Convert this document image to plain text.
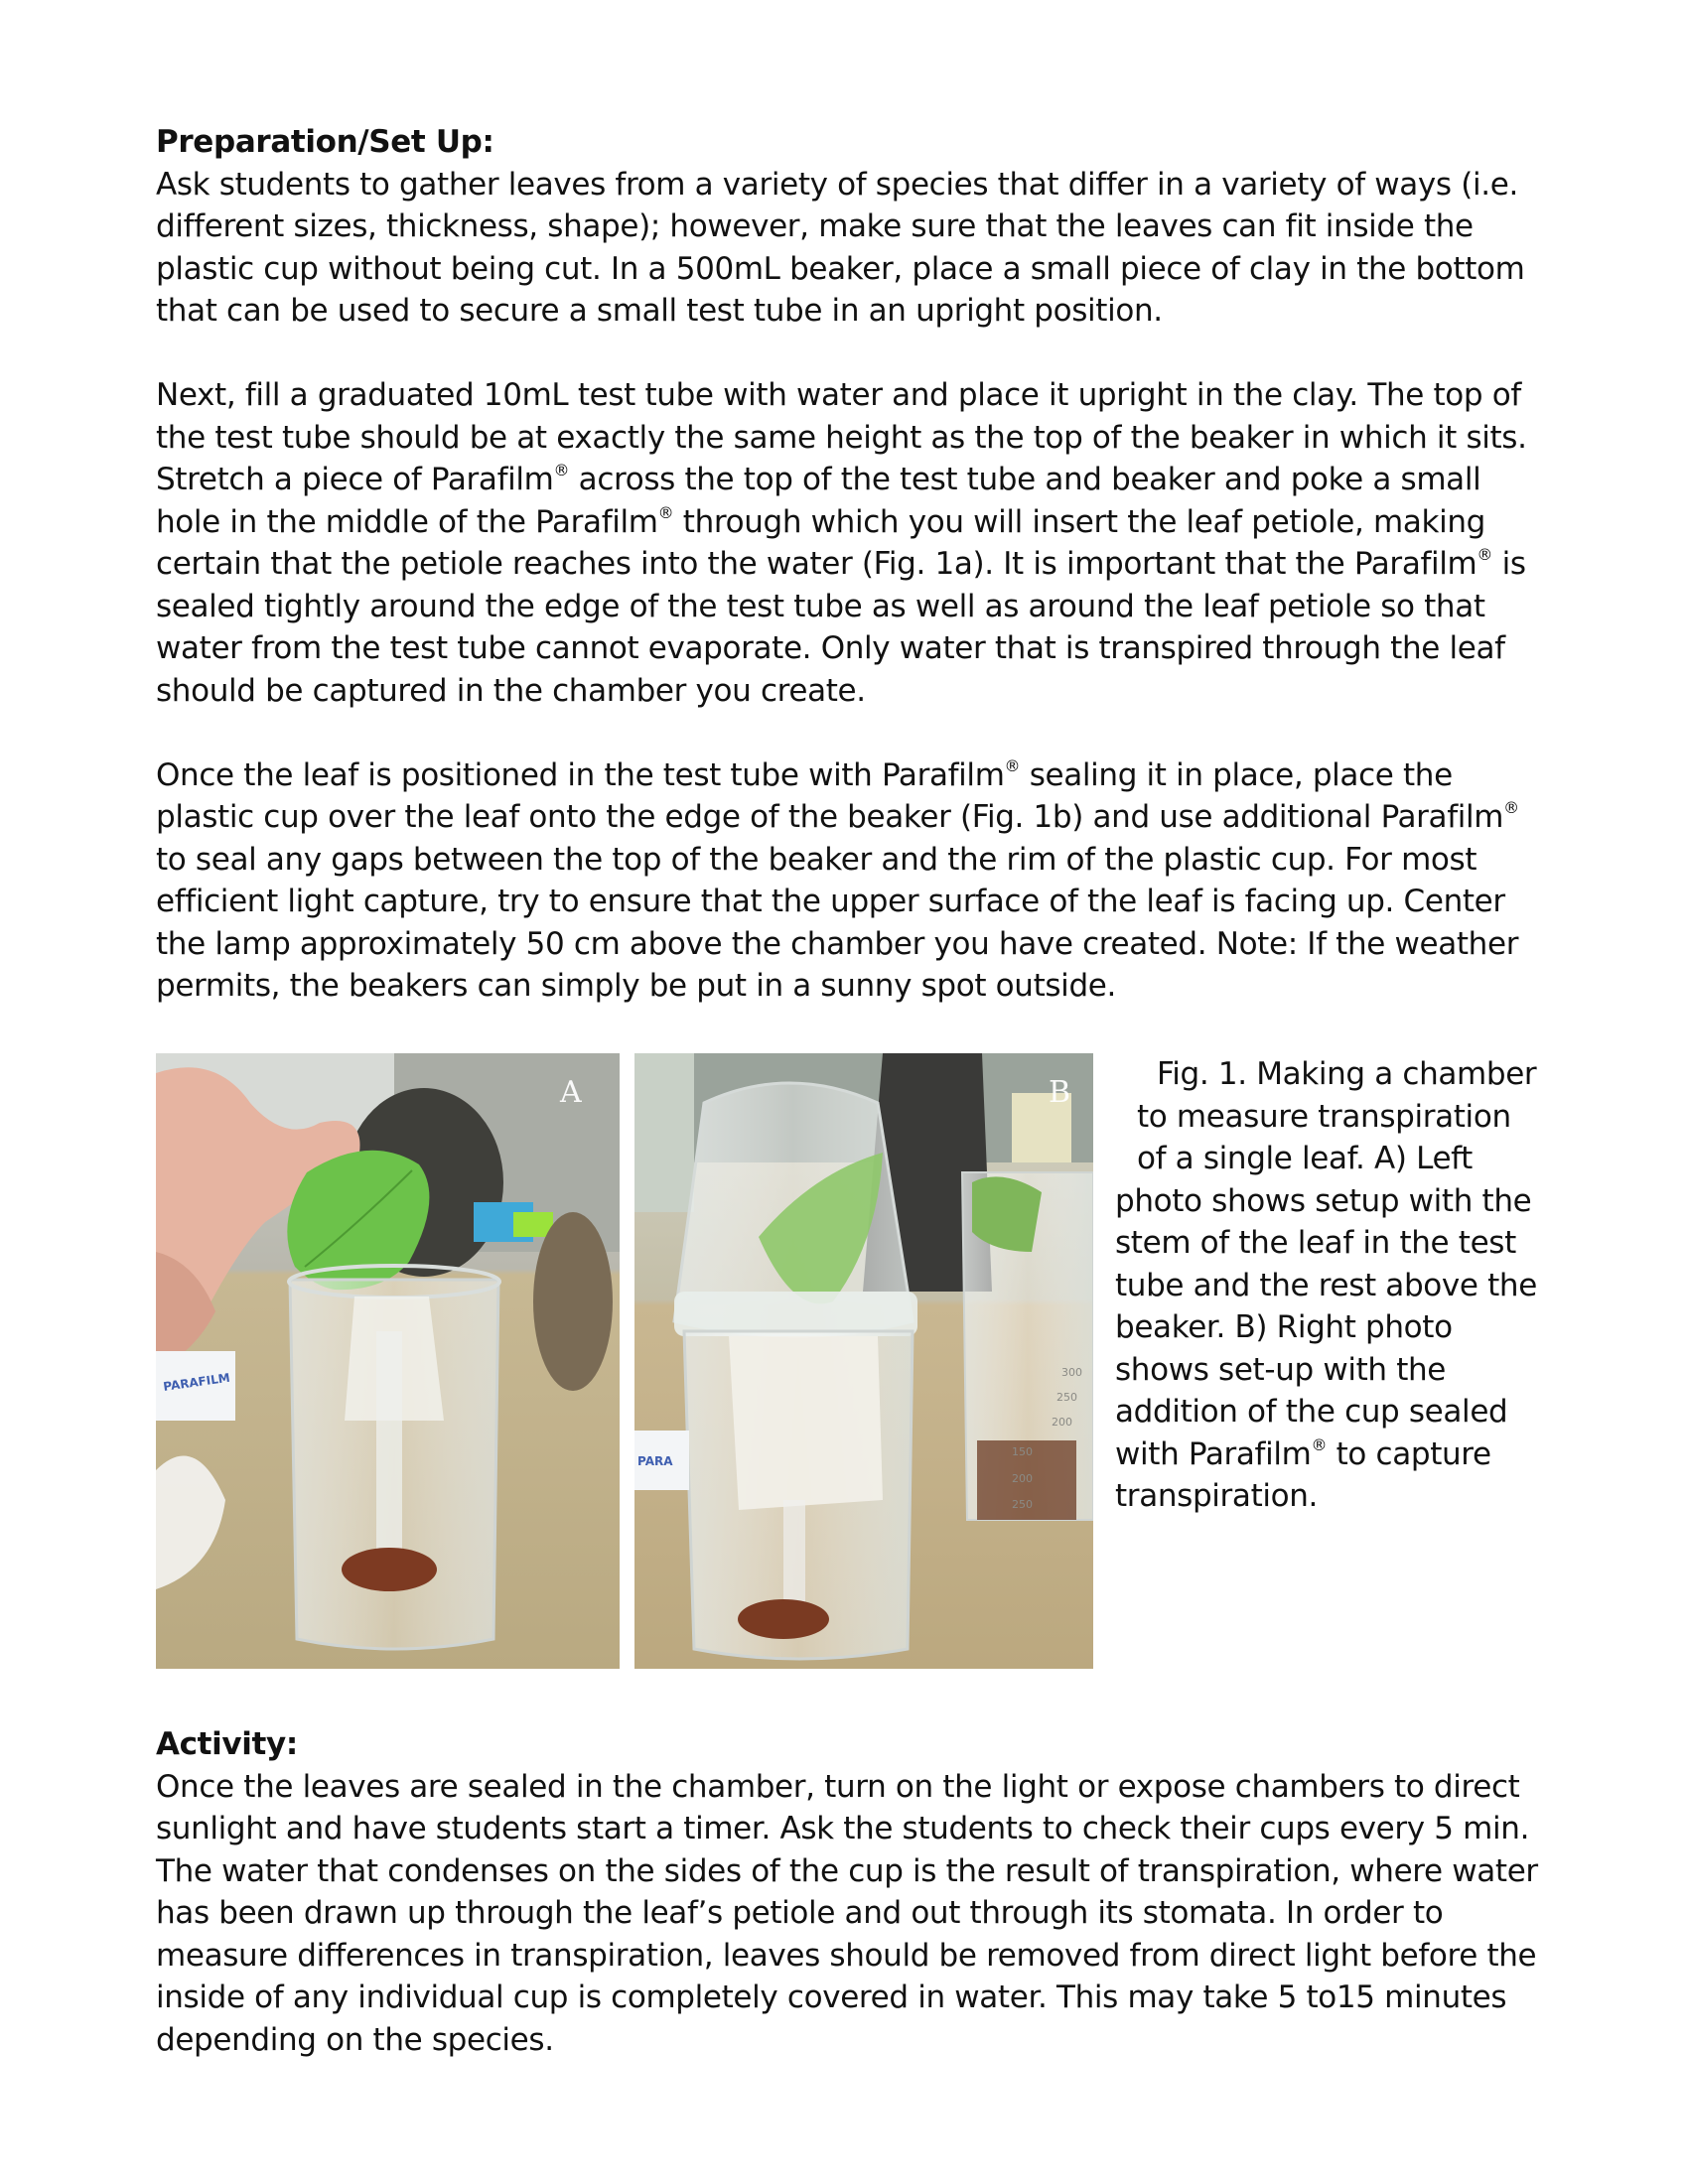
Preparation/Set Up:

Ask students to gather leaves from a variety of species that differ in a variety of ways (i.e. different sizes, thickness, shape); however, make sure that the leaves can fit inside the plastic cup without being cut. In a 500mL beaker, place a small piece of clay in the bottom that can be used to secure a small test tube in an upright position.

Next, fill a graduated 10mL test tube with water and place it upright in the clay. The top of the test tube should be at exactly the same height as the top of the beaker in which it sits. Stretch a piece of Parafilm® across the top of the test tube and beaker and poke a small hole in the middle of the Parafilm® through which you will insert the leaf petiole, making certain that the petiole reaches into the water (Fig. 1a). It is important that the Parafilm® is sealed tightly around the edge of the test tube as well as around the leaf petiole so that water from the test tube cannot evaporate. Only water that is transpired through the leaf should be captured in the chamber you create.

Once the leaf is positioned in the test tube with Parafilm® sealing it in place, place the plastic cup over the leaf onto the edge of the beaker (Fig. 1b) and use additional Parafilm® to seal any gaps between the top of the beaker and the rim of the plastic cup. For most efficient light capture, try to ensure that the upper surface of the leaf is facing up. Center the lamp approximately 50 cm above the chamber you have created. Note: If the weather permits, the beakers can simply be put in a sunny spot outside.

PARAFILM
A
300
250
200
150
200
250
PARA
B
Fig. 1. Making a chamber
to measure transpiration
of a single leaf. A) Left
photo shows setup with the stem of the leaf in the test tube and the rest above the beaker. B) Right photo shows set-up with the addition of the cup sealed with Parafilm® to capture transpiration.
Activity:

Once the leaves are sealed in the chamber, turn on the light or expose chambers to direct sunlight and have students start a timer. Ask the students to check their cups every 5 min. The water that condenses on the sides of the cup is the result of transpiration, where water has been drawn up through the leaf’s petiole and out through its stomata. In order to measure differences in transpiration, leaves should be removed from direct light before the inside of any individual cup is completely covered in water. This may take 5 to15 minutes depending on the species.
